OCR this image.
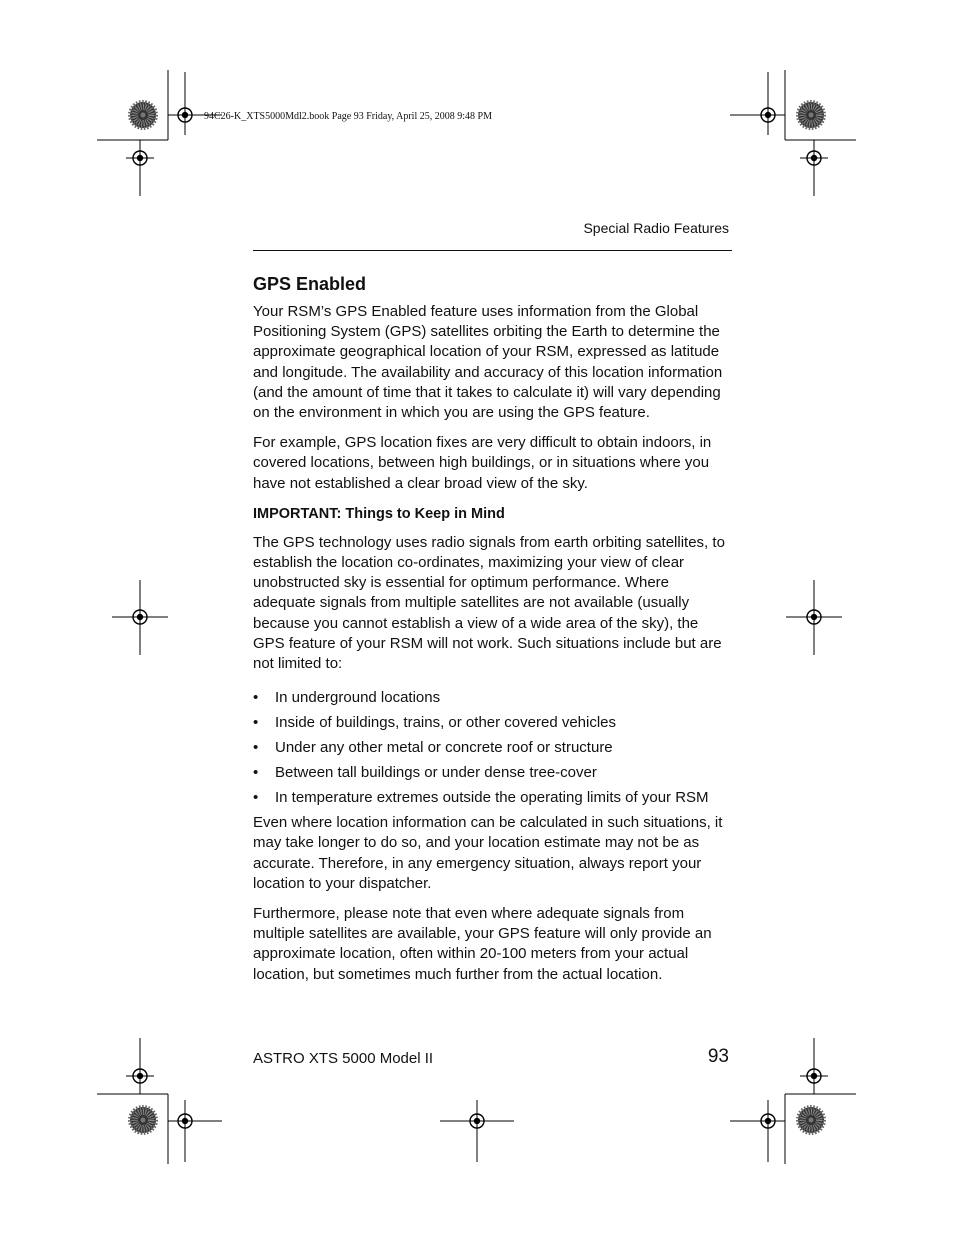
94C26-K_XTS5000Mdl2.book Page 93 Friday, April 25, 2008 9:48 PM
Special Radio Features
GPS Enabled

Your RSM’s GPS Enabled feature uses information from the Global Positioning System (GPS) satellites orbiting the Earth to determine the approximate geographical location of your RSM, expressed as latitude and longitude. The availability and accuracy of this location information (and the amount of time that it takes to calculate it) will vary depending on the environment in which you are using the GPS feature.

For example, GPS location fixes are very difficult to obtain indoors, in covered locations, between high buildings, or in situations where you have not established a clear broad view of the sky.

IMPORTANT: Things to Keep in Mind

The GPS technology uses radio signals from earth orbiting satellites, to establish the location co-ordinates, maximizing your view of clear unobstructed sky is essential for optimum performance. Where adequate signals from multiple satellites are not available (usually because you cannot establish a view of a wide area of the sky), the GPS feature of your RSM will not work. Such situations include but are not limited to:

• In underground locations
• Inside of buildings, trains, or other covered vehicles
• Under any other metal or concrete roof or structure
• Between tall buildings or under dense tree-cover
• In temperature extremes outside the operating limits of your RSM

Even where location information can be calculated in such situations, it may take longer to do so, and your location estimate may not be as accurate. Therefore, in any emergency situation, always report your location to your dispatcher.

Furthermore, please note that even where adequate signals from multiple satellites are available, your GPS feature will only provide an approximate location, often within 20-100 meters from your actual location, but sometimes much further from the actual location.

ASTRO XTS 5000 Model II	93
